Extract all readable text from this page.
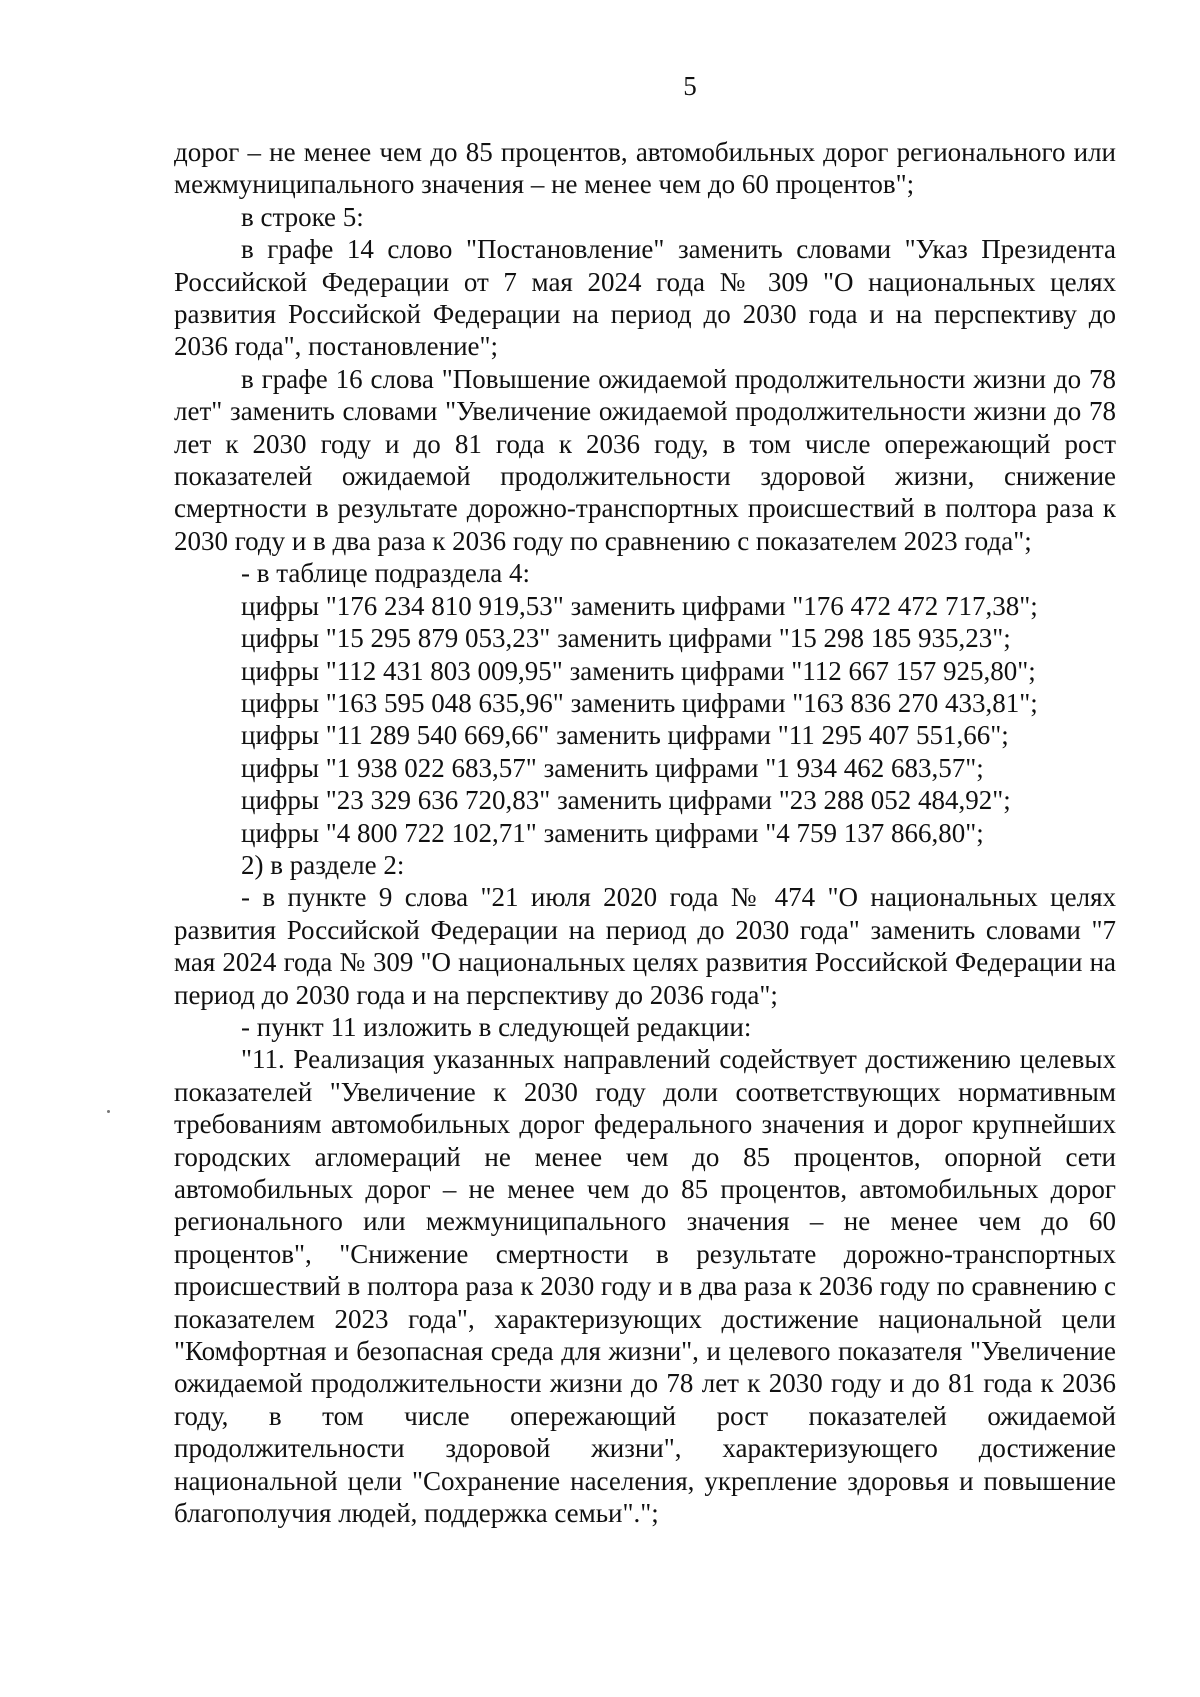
5

дорог – не менее чем до 85 процентов, автомобильных дорог регионального или межмуниципального значения – не менее чем до 60 процентов";

в строке 5:

в графе 14 слово "Постановление" заменить словами "Указ Президента Российской Федерации от 7 мая 2024 года № 309 "О национальных целях развития Российской Федерации на период до 2030 года и на перспективу до 2036 года", постановление";

в графе 16 слова "Повышение ожидаемой продолжительности жизни до 78 лет" заменить словами "Увеличение ожидаемой продолжительности жизни до 78 лет к 2030 году и до 81 года к 2036 году, в том числе опережающий рост показателей ожидаемой продолжительности здоровой жизни, снижение смертности в результате дорожно-транспортных происшествий в полтора раза к 2030 году и в два раза к 2036 году по сравнению с показателем 2023 года";

- в таблице подраздела 4:

цифры "176 234 810 919,53" заменить цифрами "176 472 472 717,38";

цифры "15 295 879 053,23" заменить цифрами "15 298 185 935,23";

цифры "112 431 803 009,95" заменить цифрами "112 667 157 925,80";

цифры "163 595 048 635,96" заменить цифрами "163 836 270 433,81";

цифры "11 289 540 669,66" заменить цифрами "11 295 407 551,66";

цифры "1 938 022 683,57" заменить цифрами "1 934 462 683,57";

цифры "23 329 636 720,83" заменить цифрами "23 288 052 484,92";

цифры "4 800 722 102,71" заменить цифрами "4 759 137 866,80";

2) в разделе 2:

- в пункте 9 слова "21 июля 2020 года № 474 "О национальных целях развития Российской Федерации на период до 2030 года" заменить словами "7 мая 2024 года № 309 "О национальных целях развития Российской Федерации на период до 2030 года и на перспективу до 2036 года";

- пункт 11 изложить в следующей редакции:

"11. Реализация указанных направлений содействует достижению целевых показателей "Увеличение к 2030 году доли соответствующих нормативным требованиям автомобильных дорог федерального значения и дорог крупнейших городских агломераций не менее чем до 85 процентов, опорной сети автомобильных дорог – не менее чем до 85 процентов, автомобильных дорог регионального или межмуниципального значения – не менее чем до 60 процентов", "Снижение смертности в результате дорожно-транспортных происшествий в полтора раза к 2030 году и в два раза к 2036 году по сравнению с показателем 2023 года", характеризующих достижение национальной цели "Комфортная и безопасная среда для жизни", и целевого показателя "Увеличение ожидаемой продолжительности жизни до 78 лет к 2030 году и до 81 года к 2036 году, в том числе опережающий рост показателей ожидаемой продолжительности здоровой жизни", характеризующего достижение национальной цели "Сохранение населения, укрепление здоровья и повышение благополучия людей, поддержка семьи".";
